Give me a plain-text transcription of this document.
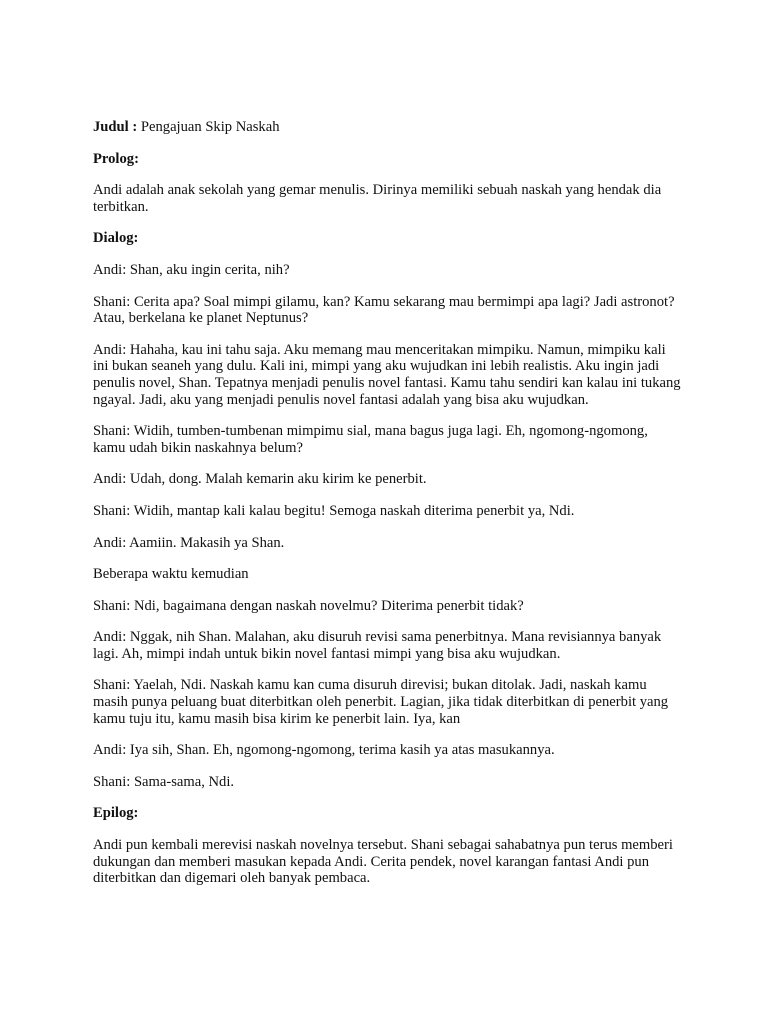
Judul : Pengajuan Skip Naskah

Prolog:

Andi adalah anak sekolah yang gemar menulis. Dirinya memiliki sebuah naskah yang hendak dia terbitkan.

Dialog:

Andi: Shan, aku ingin cerita, nih?

Shani: Cerita apa? Soal mimpi gilamu, kan? Kamu sekarang mau bermimpi apa lagi? Jadi astronot? Atau, berkelana ke planet Neptunus?

Andi: Hahaha, kau ini tahu saja. Aku memang mau menceritakan mimpiku. Namun, mimpiku kali ini bukan seaneh yang dulu. Kali ini, mimpi yang aku wujudkan ini lebih realistis. Aku ingin jadi penulis novel, Shan. Tepatnya menjadi penulis novel fantasi. Kamu tahu sendiri kan kalau ini tukang ngayal. Jadi, aku yang menjadi penulis novel fantasi adalah yang bisa aku wujudkan.

Shani: Widih, tumben-tumbenan mimpimu sial, mana bagus juga lagi. Eh, ngomong-ngomong, kamu udah bikin naskahnya belum?

Andi: Udah, dong. Malah kemarin aku kirim ke penerbit.

Shani: Widih, mantap kali kalau begitu! Semoga naskah diterima penerbit ya, Ndi.

Andi: Aamiin. Makasih ya Shan.

Beberapa waktu kemudian

Shani: Ndi, bagaimana dengan naskah novelmu? Diterima penerbit tidak?

Andi: Nggak, nih Shan. Malahan, aku disuruh revisi sama penerbitnya. Mana revisiannya banyak lagi. Ah, mimpi indah untuk bikin novel fantasi mimpi yang bisa aku wujudkan.

Shani: Yaelah, Ndi. Naskah kamu kan cuma disuruh direvisi; bukan ditolak. Jadi, naskah kamu masih punya peluang buat diterbitkan oleh penerbit. Lagian, jika tidak diterbitkan di penerbit yang kamu tuju itu, kamu masih bisa kirim ke penerbit lain. Iya, kan

Andi: Iya sih, Shan. Eh, ngomong-ngomong, terima kasih ya atas masukannya.

Shani: Sama-sama, Ndi.

Epilog:

Andi pun kembali merevisi naskah novelnya tersebut. Shani sebagai sahabatnya pun terus memberi dukungan dan memberi masukan kepada Andi. Cerita pendek, novel karangan fantasi Andi pun diterbitkan dan digemari oleh banyak pembaca.
